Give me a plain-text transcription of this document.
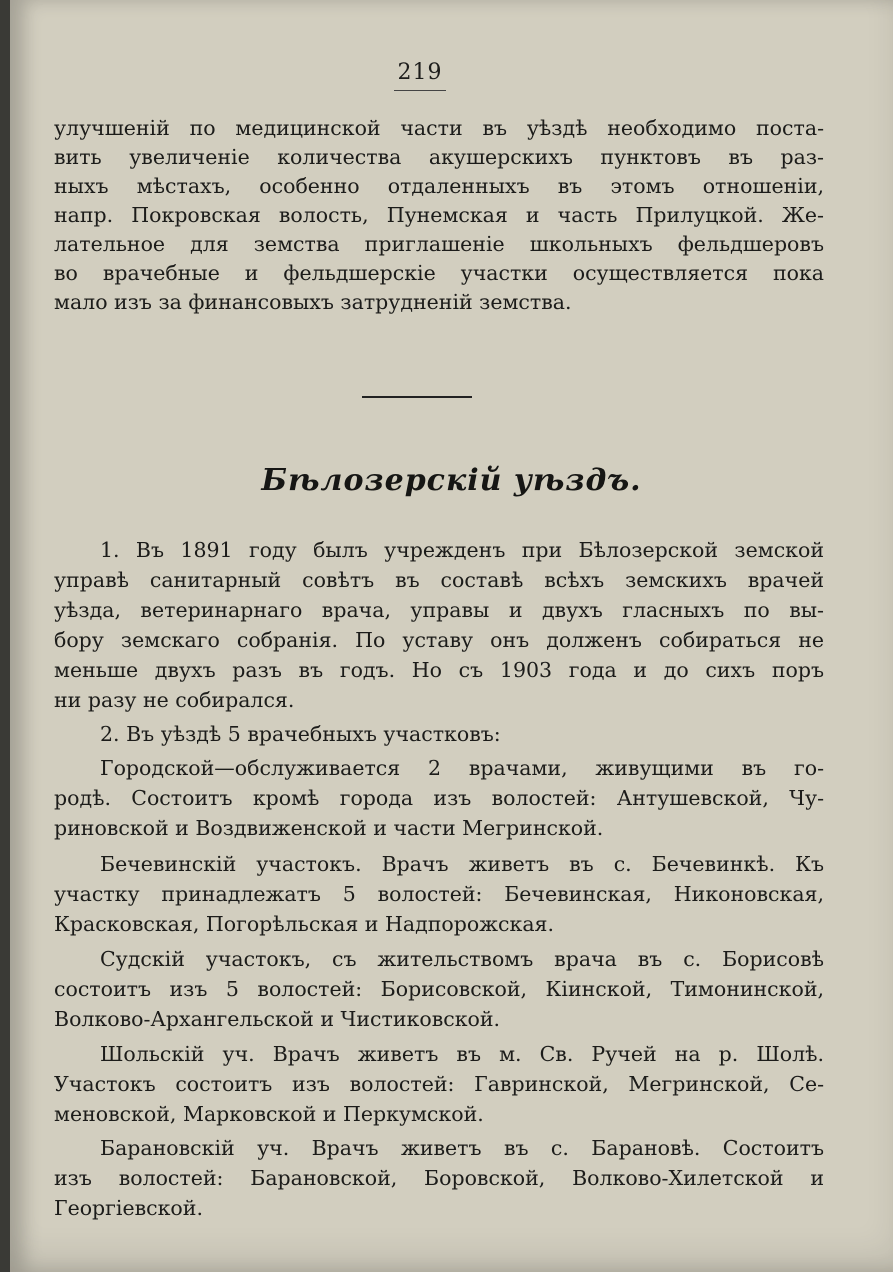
219
улучшеній по медицинской части въ уѣздѣ необходимо поста-
вить увеличеніе количества акушерскихъ пунктовъ въ раз-
ныхъ мѣстахъ, особенно отдаленныхъ въ этомъ отношеніи,
напр. Покровская волость, Пунемская и часть Прилуцкой. Же-
лательное для земства приглашеніе школьныхъ фельдшеровъ
во врачебные и фельдшерскіе участки осуществляется пока
мало изъ за финансовыхъ затрудненій земства.
Бѣлозерскій уѣздъ.
1. Въ 1891 году былъ учрежденъ при Бѣлозерской земской
управѣ санитарный совѣтъ въ составѣ всѣхъ земскихъ врачей
уѣзда, ветеринарнаго врача, управы и двухъ гласныхъ по вы-
бору земскаго собранія. По уставу онъ долженъ собираться не
меньше двухъ разъ въ годъ. Но съ 1903 года и до сихъ поръ
ни разу не собирался.
2. Въ уѣздѣ 5 врачебныхъ участковъ:
Городской—обслуживается 2 врачами, живущими въ го-
родѣ. Состоитъ кромѣ города изъ волостей: Антушевской, Чу-
риновской и Воздвиженской и части Мегринской.
Бечевинскій участокъ. Врачъ живетъ въ с. Бечевинкѣ. Къ
участку принадлежатъ 5 волостей: Бечевинская, Никоновская,
Красковская, Погорѣльская и Надпорожская.
Судскій участокъ, съ жительствомъ врача въ с. Борисовѣ
состоитъ изъ 5 волостей: Борисовской, Кіинской, Тимонинской,
Волково-Архангельской и Чистиковской.
Шольскій уч. Врачъ живетъ въ м. Св. Ручей на р. Шолѣ.
Участокъ состоитъ изъ волостей: Гавринской, Мегринской, Се-
меновской, Марковской и Перкумской.
Барановскій уч. Врачъ живетъ въ с. Барановѣ. Состоитъ
изъ волостей: Барановской, Боровской, Волково-Хилетской и
Георгіевской.
